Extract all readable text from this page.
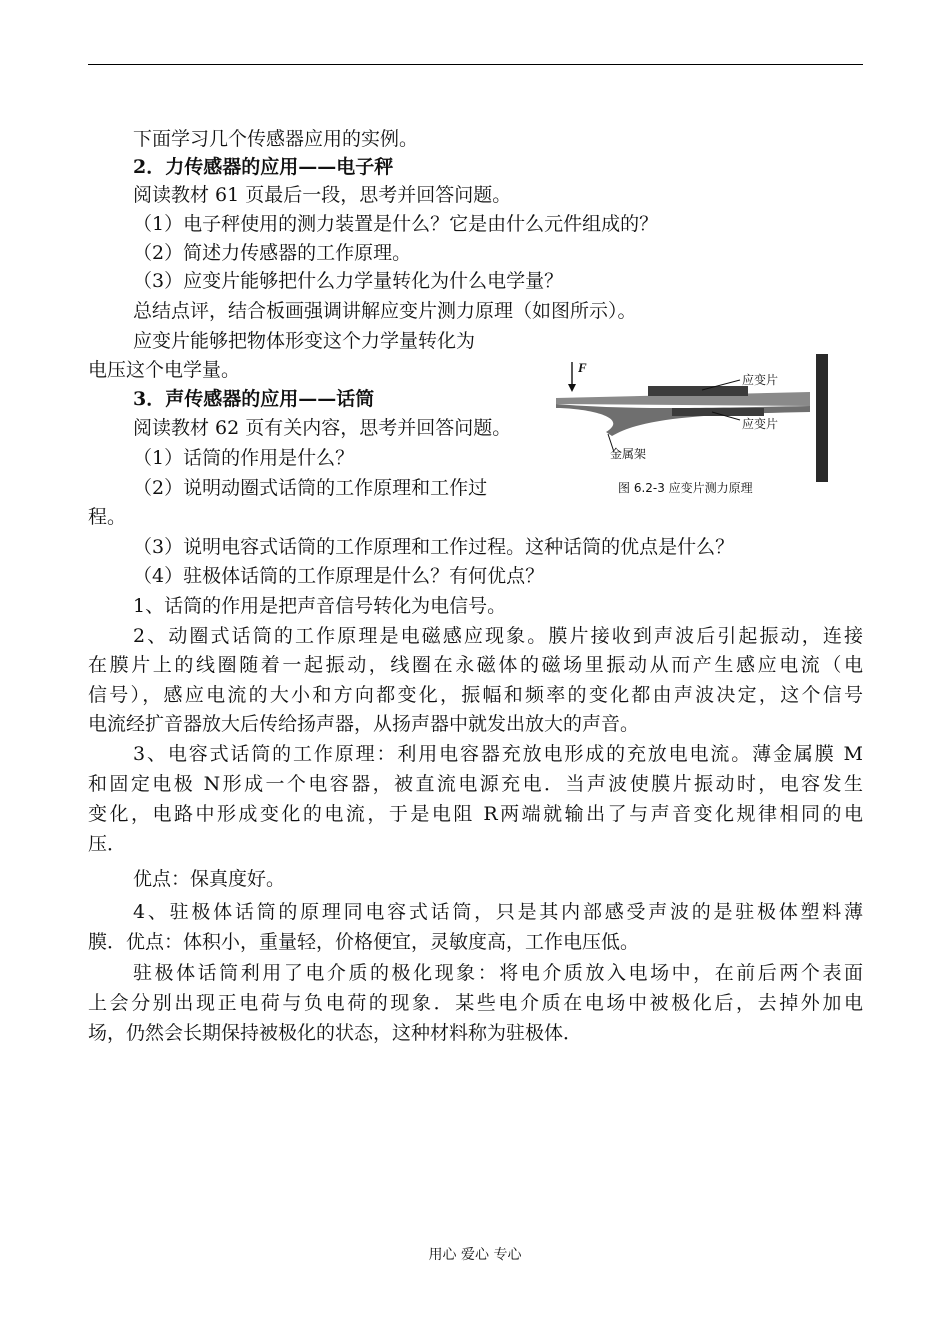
下面学习几个传感器应用的实例。
2．力传感器的应用——电子秤
阅读教材 61 页最后一段，思考并回答问题。
（1）电子秤使用的测力装置是什么？它是由什么元件组成的？
（2）简述力传感器的工作原理。
（3）应变片能够把什么力学量转化为什么电学量？
总结点评，结合板画强调讲解应变片测力原理（如图所示）。
应变片能够把物体形变这个力学量转化为
电压这个电学量。
3．声传感器的应用——话筒
阅读教材 62 页有关内容，思考并回答问题。
（1）话筒的作用是什么？
（2）说明动圈式话筒的工作原理和工作过
程。
（3）说明电容式话筒的工作原理和工作过程。这种话筒的优点是什么？
（4）驻极体话筒的工作原理是什么？有何优点？
1、话筒的作用是把声音信号转化为电信号。
2、动圈式话筒的工作原理是电磁感应现象。膜片接收到声波后引起振动，连接
在膜片上的线圈随着一起振动，线圈在永磁体的磁场里振动从而产生感应电流（电
信号），感应电流的大小和方向都变化，振幅和频率的变化都由声波决定，这个信号
电流经扩音器放大后传给扬声器，从扬声器中就发出放大的声音。
3、电容式话筒的工作原理：利用电容器充放电形成的充放电电流。薄金属膜 M
和固定电极 N形成一个电容器，被直流电源充电．当声波使膜片振动时，电容发生
变化，电路中形成变化的电流，于是电阻 R两端就输出了与声音变化规律相同的电
压．
优点：保真度好。
4、驻极体话筒的原理同电容式话筒，只是其内部感受声波的是驻极体塑料薄
膜．优点：体积小，重量轻，价格便宜，灵敏度高，工作电压低。
驻极体话筒利用了电介质的极化现象：将电介质放入电场中，在前后两个表面
上会分别出现正电荷与负电荷的现象．某些电介质在电场中被极化后，去掉外加电
场，仍然会长期保持被极化的状态，这种材料称为驻极体．
F
应变片
应变片
金属架
图 6.2-3 应变片测力原理
用心 爱心 专心
